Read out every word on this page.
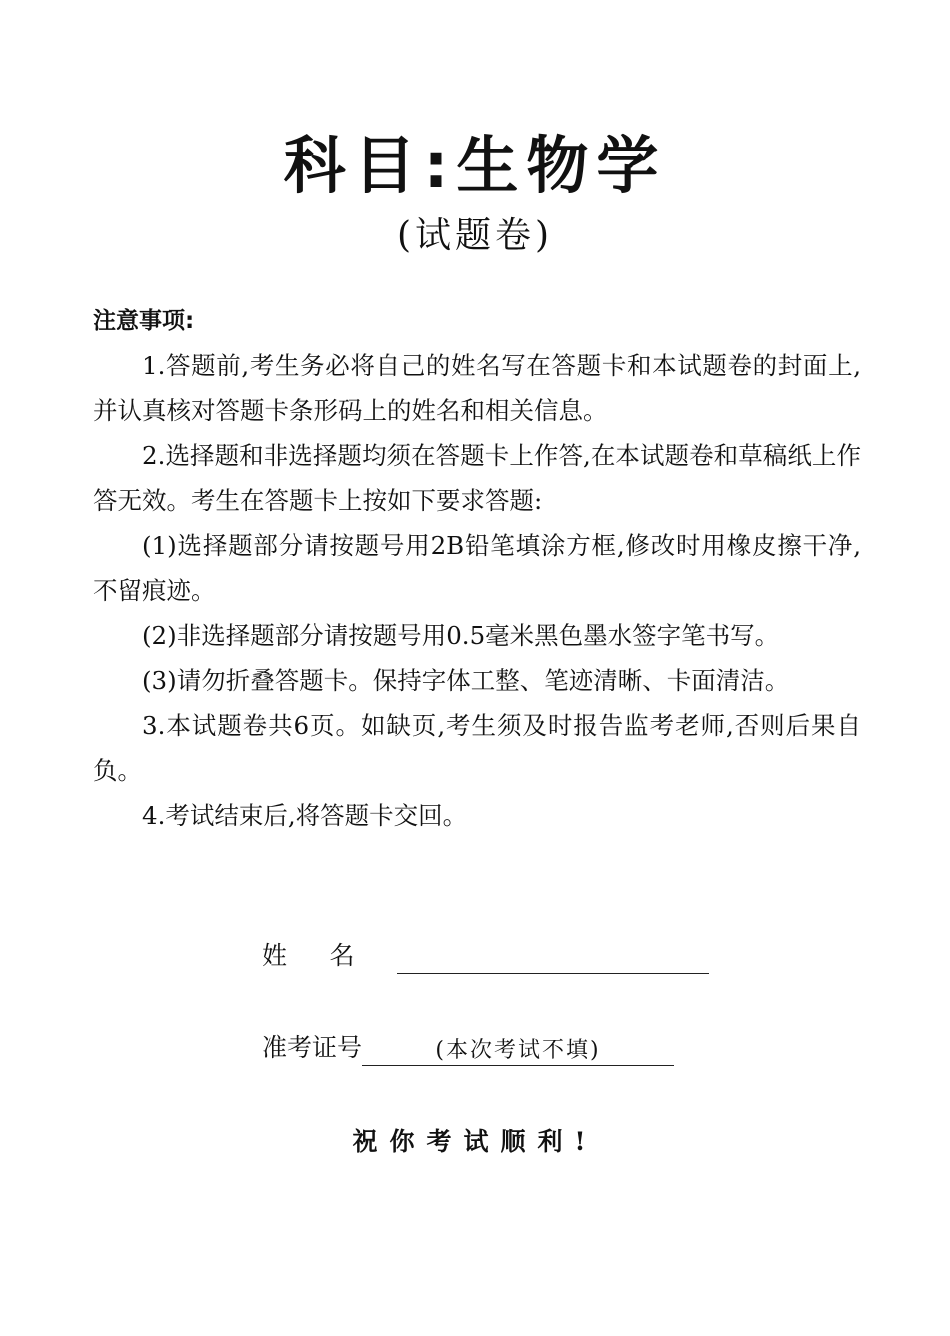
科目:生物学
(试题卷)
注意事项:

1.答题前,考生务必将自己的姓名写在答题卡和本试题卷的封面上,并认真核对答题卡条形码上的姓名和相关信息。

2.选择题和非选择题均须在答题卡上作答,在本试题卷和草稿纸上作答无效。考生在答题卡上按如下要求答题:

(1)选择题部分请按题号用2B铅笔填涂方框,修改时用橡皮擦干净,不留痕迹。

(2)非选择题部分请按题号用0.5毫米黑色墨水签字笔书写。

(3)请勿折叠答题卡。保持字体工整、笔迹清晰、卡面清洁。

3.本试题卷共6页。如缺页,考生须及时报告监考老师,否则后果自负。

4.考试结束后,将答题卡交回。

姓名
准考证号	(本次考试不填)
祝你考试顺利!
